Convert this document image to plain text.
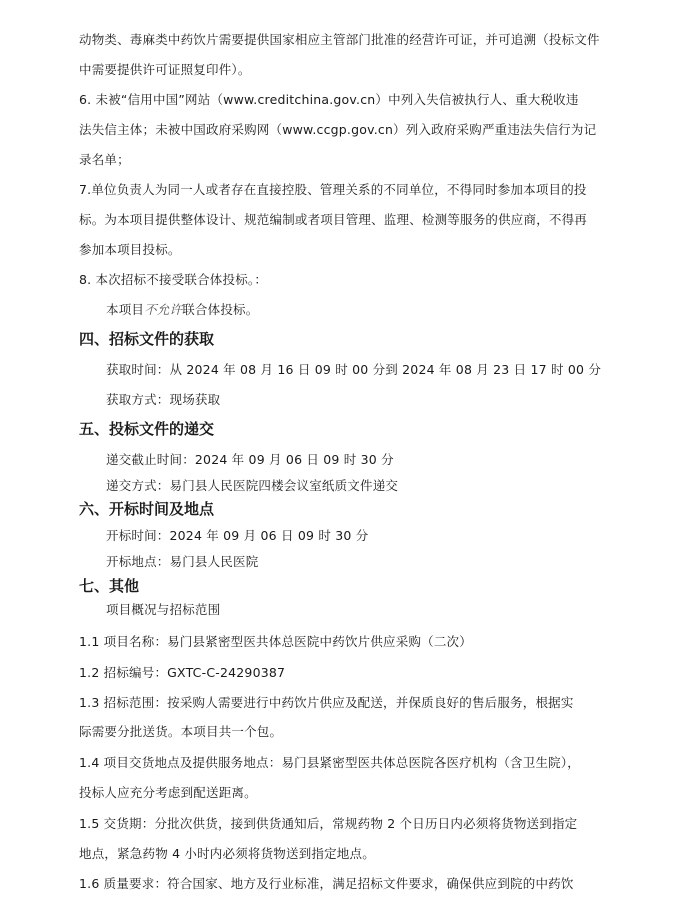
动物类、毒麻类中药饮片需要提供国家相应主管部门批准的经营许可证，并可追溯（投标文件
中需要提供许可证照复印件）。
6. 未被“信用中国”网站（www.creditchina.gov.cn）中列入失信被执行人、重大税收违
法失信主体；未被中国政府采购网（www.ccgp.gov.cn）列入政府采购严重违法失信行为记
录名单；
7.单位负责人为同一人或者存在直接控股、管理关系的不同单位，不得同时参加本项目的投
标。为本项目提供整体设计、规范编制或者项目管理、监理、检测等服务的供应商，不得再
参加本项目投标。
8. 本次招标不接受联合体投标。：
本项目不允许联合体投标。
四、招标文件的获取
获取时间：从 2024 年 08 月 16 日 09 时 00 分到 2024 年 08 月 23 日 17 时 00 分
获取方式：现场获取
五、投标文件的递交
递交截止时间：2024 年 09 月 06 日 09 时 30 分
递交方式：易门县人民医院四楼会议室纸质文件递交
六、开标时间及地点
开标时间：2024 年 09 月 06 日 09 时 30 分
开标地点：易门县人民医院
七、其他
项目概况与招标范围
1.1 项目名称：易门县紧密型医共体总医院中药饮片供应采购（二次）
1.2 招标编号：GXTC-C-24290387
1.3 招标范围：按采购人需要进行中药饮片供应及配送，并保质良好的售后服务，根据实
际需要分批送货。本项目共一个包。
1.4 项目交货地点及提供服务地点：易门县紧密型医共体总医院各医疗机构（含卫生院），
投标人应充分考虑到配送距离。
1.5 交货期：分批次供货，接到供货通知后，常规药物 2 个日历日内必须将货物送到指定
地点，紧急药物 4 小时内必须将货物送到指定地点。
1.6 质量要求：符合国家、地方及行业标准，满足招标文件要求，确保供应到院的中药饮
